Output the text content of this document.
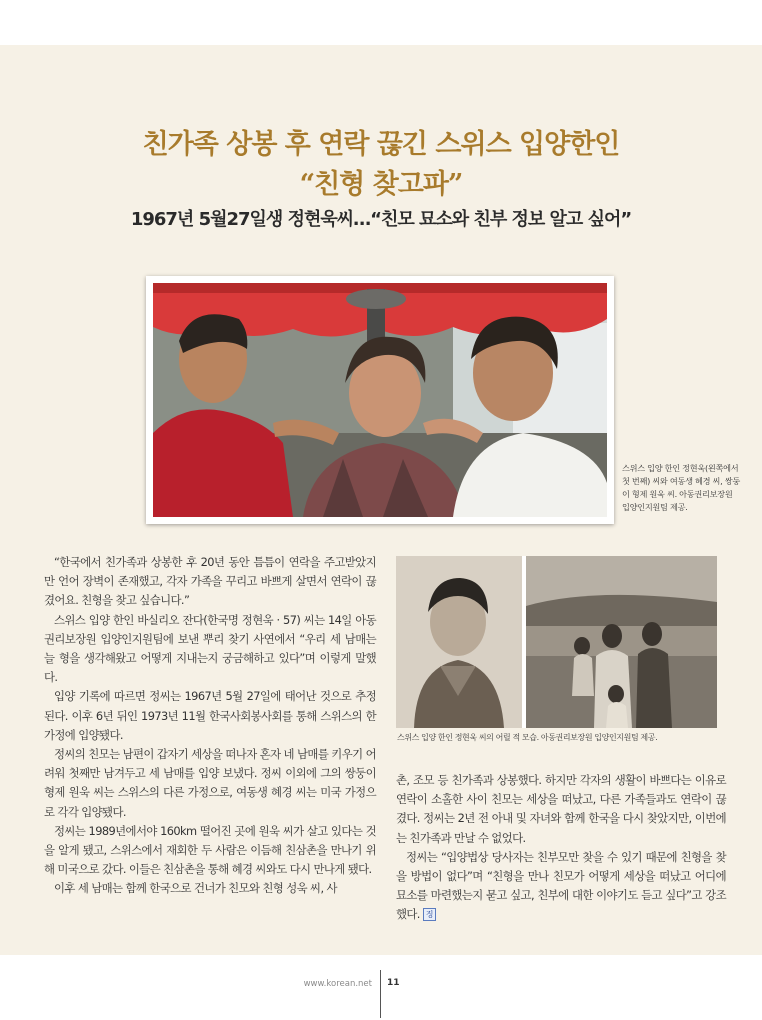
친가족 상봉 후 연락 끊긴 스위스 입양한인
“친형 찾고파”
1967년 5월27일생 정현욱씨…“친모 묘소와 친부 정보 알고 싶어”
스위스 입양 한인 정현욱(왼쪽에서 첫 번째) 씨와 여동생 혜경 씨, 쌍둥이 형제 원욱 씨. 아동권리보장원 입양인지원팀 제공.
스위스 입양 한인 정현욱 씨의 어릴 적 모습. 아동권리보장원 입양인지원팀 제공.

“한국에서 친가족과 상봉한 후 20년 동안 틈틈이 연락을 주고받았지만 언어 장벽이 존재했고, 각자 가족을 꾸리고 바쁘게 살면서 연락이 끊겼어요. 친형을 찾고 싶습니다.”

스위스 입양 한인 바실리오 잔다(한국명 정현욱 · 57) 씨는 14일 아동권리보장원 입양인지원팀에 보낸 뿌리 찾기 사연에서 “우리 세 남매는 늘 형을 생각해왔고 어떻게 지내는지 궁금해하고 있다”며 이렇게 말했다.

입양 기록에 따르면 정씨는 1967년 5월 27일에 태어난 것으로 추정된다. 이후 6년 뒤인 1973년 11월 한국사회봉사회를 통해 스위스의 한 가정에 입양됐다.

정씨의 친모는 남편이 갑자기 세상을 떠나자 혼자 네 남매를 키우기 어려워 첫째만 남겨두고 세 남매를 입양 보냈다. 정씨 이외에 그의 쌍둥이 형제 원욱 씨는 스위스의 다른 가정으로, 여동생 혜경 씨는 미국 가정으로 각각 입양됐다.

정씨는 1989년에서야 160km 떨어진 곳에 원욱 씨가 살고 있다는 것을 알게 됐고, 스위스에서 재회한 두 사람은 이듬해 친삼촌을 만나기 위해 미국으로 갔다. 이들은 친삼촌을 통해 혜경 씨와도 다시 만나게 됐다.

이후 세 남매는 함께 한국으로 건너가 친모와 친형 성욱 씨, 사

촌, 조모 등 친가족과 상봉했다. 하지만 각자의 생활이 바쁘다는 이유로 연락이 소홀한 사이 친모는 세상을 떠났고, 다른 가족들과도 연락이 끊겼다. 정씨는 2년 전 아내 및 자녀와 함께 한국을 다시 찾았지만, 이번에는 친가족과 만날 수 없었다.

정씨는 “입양법상 당사자는 친부모만 찾을 수 있기 때문에 친형을 찾을 방법이 없다”며 “친형을 만나 친모가 어떻게 세상을 떠났고 어디에 묘소를 마련했는지 묻고 싶고, 친부에 대한 이야기도 듣고 싶다”고 강조했다. 징

www.korean.net 11
